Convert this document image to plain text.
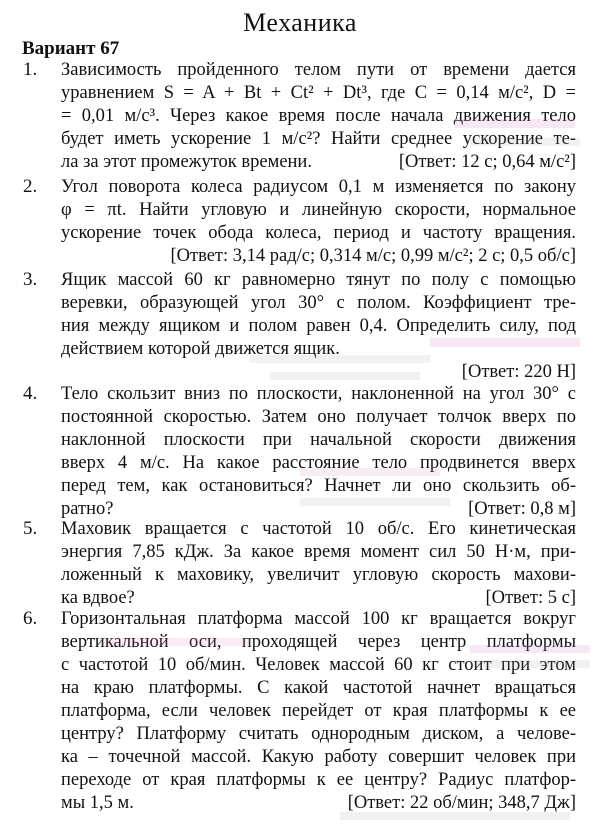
Механика
Вариант 67
1. Зависимость пройденного телом пути от времени дается
уравнением S = A + Bt + Ct² + Dt³, где C = 0,14 м/с², D =
= 0,01 м/с³. Через какое время после начала движения тело
будет иметь ускорение 1 м/с²? Найти среднее ускорение те-
ла за этот промежуток времени.	[Ответ: 12 с; 0,64 м/с²]
2. Угол поворота колеса радиусом 0,1 м изменяется по закону
φ = πt. Найти угловую и линейную скорости, нормальное
ускорение точек обода колеса, период и частоту вращения.
[Ответ: 3,14 рад/с; 0,314 м/с; 0,99 м/с²; 2 с; 0,5 об/с]
3. Ящик массой 60 кг равномерно тянут по полу с помощью
веревки, образующей угол 30° с полом. Коэффициент тре-
ния между ящиком и полом равен 0,4. Определить силу, под
действием которой движется ящик.
[Ответ: 220 Н]
4. Тело скользит вниз по плоскости, наклоненной на угол 30° с
постоянной скоростью. Затем оно получает толчок вверх по
наклонной плоскости при начальной скорости движения
вверх 4 м/с. На какое расстояние тело продвинется вверх
перед тем, как остановиться? Начнет ли оно скользить об-
ратно?	[Ответ: 0,8 м]
5. Маховик вращается с частотой 10 об/с. Его кинетическая
энергия 7,85 кДж. За какое время момент сил 50 Н·м, при-
ложенный к маховику, увеличит угловую скорость махови-
ка вдвое?	[Ответ: 5 с]
6. Горизонтальная платформа массой 100 кг вращается вокруг
вертикальной оси, проходящей через центр платформы
с частотой 10 об/мин. Человек массой 60 кг стоит при этом
на краю платформы. С какой частотой начнет вращаться
платформа, если человек перейдет от края платформы к ее
центру? Платформу считать однородным диском, а челове-
ка – точечной массой. Какую работу совершит человек при
переходе от края платформы к ее центру? Радиус платфор-
мы 1,5 м.	[Ответ: 22 об/мин; 348,7 Дж]
